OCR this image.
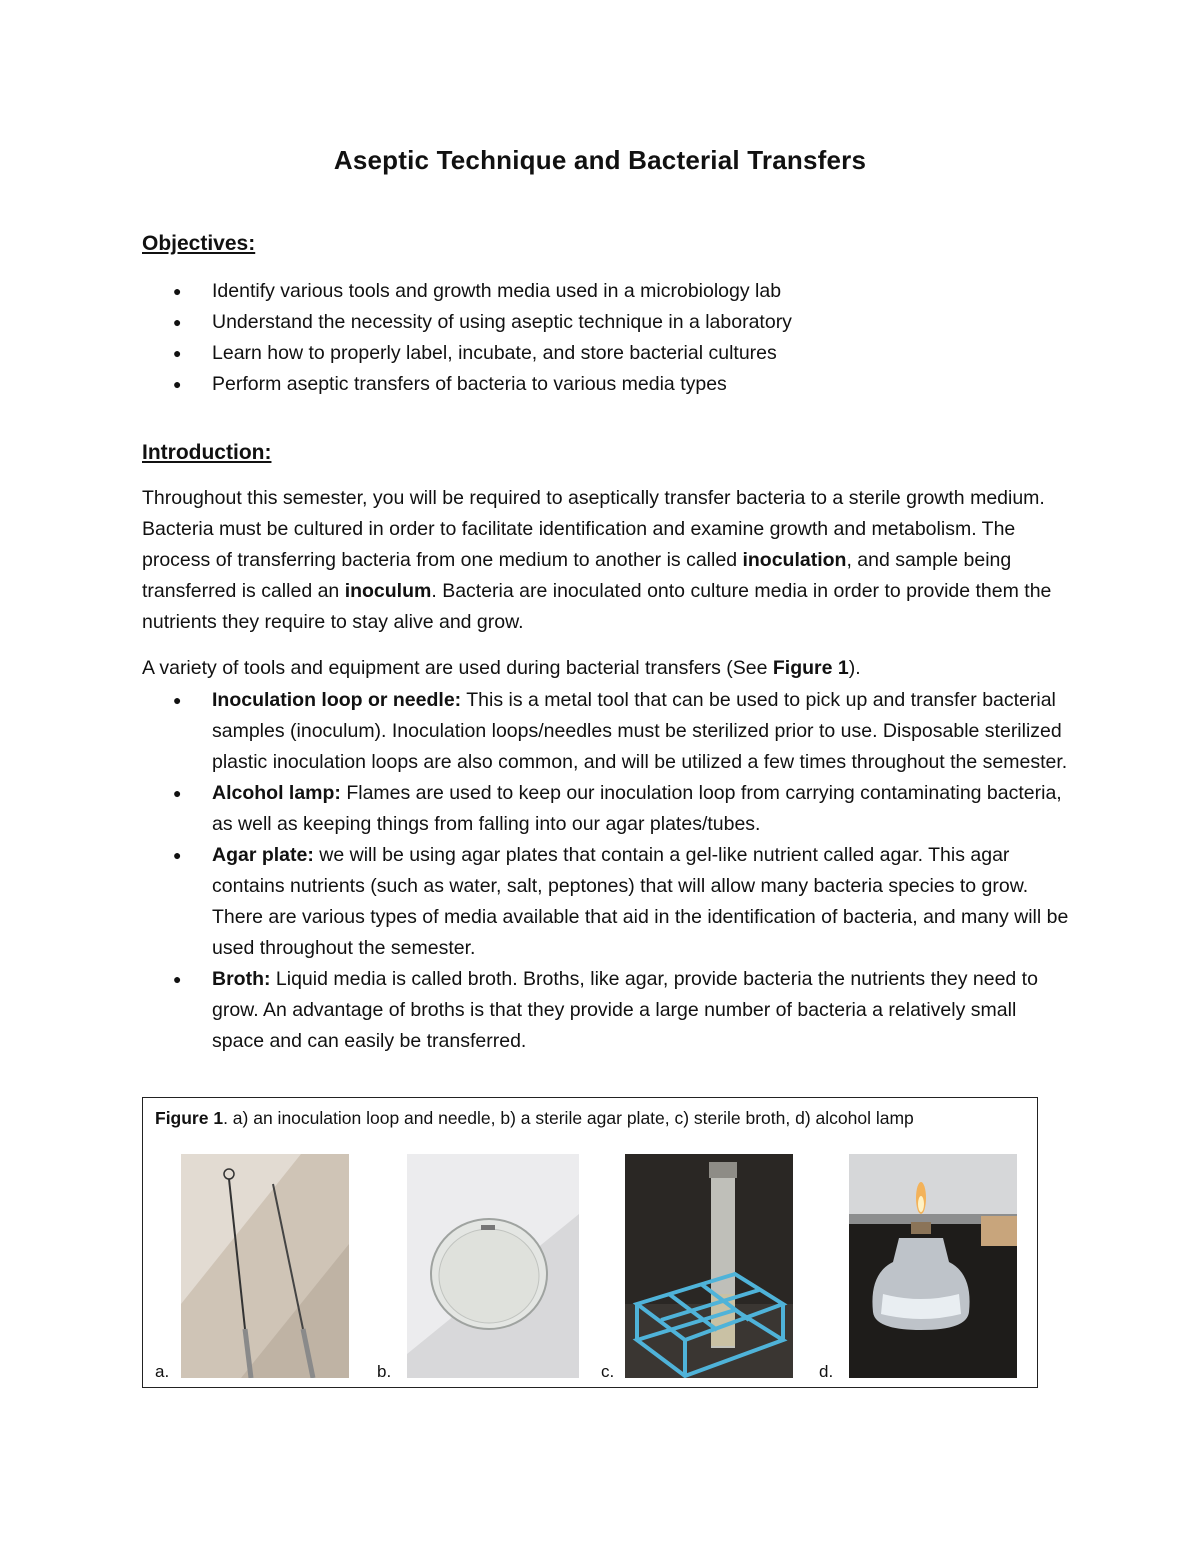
Aseptic Technique and Bacterial Transfers
Objectives:
● Identify various tools and growth media used in a microbiology lab
● Understand the necessity of using aseptic technique in a laboratory
● Learn how to properly label, incubate, and store bacterial cultures
● Perform aseptic transfers of bacteria to various media types
Introduction:
Throughout this semester, you will be required to aseptically transfer bacteria to a sterile growth medium. Bacteria must be cultured in order to facilitate identification and examine growth and metabolism. The process of transferring bacteria from one medium to another is called inoculation, and sample being transferred is called an inoculum. Bacteria are inoculated onto culture media in order to provide them the nutrients they require to stay alive and grow.
A variety of tools and equipment are used during bacterial transfers (See Figure 1).
● Inoculation loop or needle: This is a metal tool that can be used to pick up and transfer bacterial samples (inoculum). Inoculation loops/needles must be sterilized prior to use. Disposable sterilized plastic inoculation loops are also common, and will be utilized a few times throughout the semester.
● Alcohol lamp: Flames are used to keep our inoculation loop from carrying contaminating bacteria, as well as keeping things from falling into our agar plates/tubes.
● Agar plate: we will be using agar plates that contain a gel-like nutrient called agar. This agar contains nutrients (such as water, salt, peptones) that will allow many bacteria species to grow. There are various types of media available that aid in the identification of bacteria, and many will be used throughout the semester.
● Broth: Liquid media is called broth. Broths, like agar, provide bacteria the nutrients they need to grow. An advantage of broths is that they provide a large number of bacteria a relatively small space and can easily be transferred.
Figure 1. a) an inoculation loop and needle, b) a sterile agar plate, c) sterile broth, d) alcohol lamp
a.	b.	c.	d.
